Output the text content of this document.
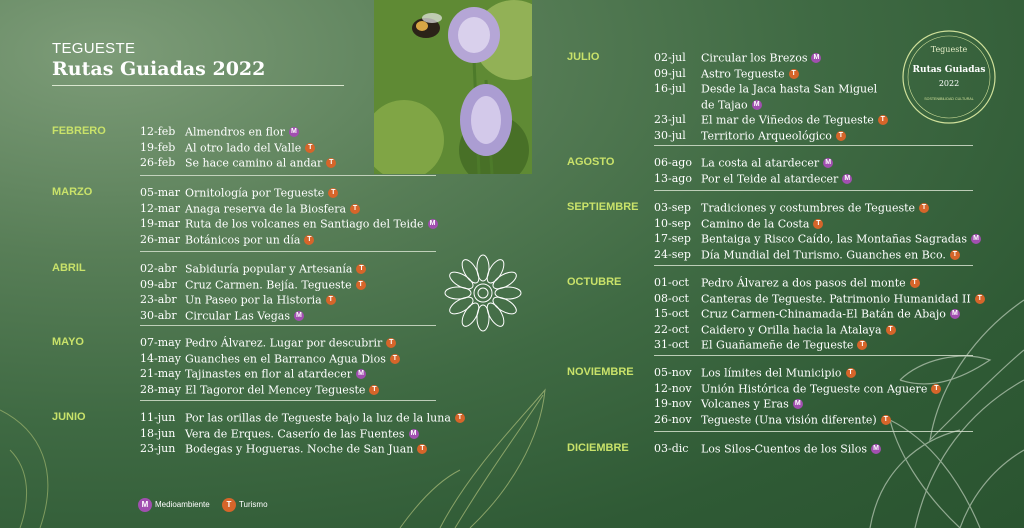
TEGUESTE
Rutas Guiadas 2022
Tegueste
Rutas Guiadas
2022
SOSTENIBILIDAD CULTURAL
FEBRERO	12-feb Almendros en flor M
19-feb Al otro lado del Valle T
26-feb Se hace camino al andar T
MARZO	05-mar Ornitología por Tegueste T
12-mar Anaga reserva de la Biosfera T
19-mar Ruta de los volcanes en Santiago del Teide M
26-mar Botánicos por un día T
ABRIL	02-abr Sabiduría popular y Artesanía T
09-abr Cruz Carmen. Bejía. Tegueste T
23-abr Un Paseo por la Historia T
30-abr Circular Las Vegas M
MAYO	07-may Pedro Álvarez. Lugar por descubrir T
14-may Guanches en el Barranco Agua Dios T
21-may Tajinastes en flor al atardecer M
28-may El Tagoror del Mencey Tegueste T
JUNIO	11-jun Por las orillas de Tegueste bajo la luz de la luna T
18-jun Vera de Erques. Caserío de las Fuentes M
23-jun Bodegas y Hogueras. Noche de San Juan T
JULIO	02-jul Circular los Brezos M
09-jul Astro Tegueste T
16-jul Desde la Jaca hasta San Miguel
de Tajao M
23-jul El mar de Viñedos de Tegueste T
30-jul Territorio Arqueológico T
AGOSTO	06-ago La costa al atardecer M
13-ago Por el Teide al atardecer M
SEPTIEMBRE 03-sep Tradiciones y costumbres de Tegueste T
10-sep Camino de la Costa T
17-sep Bentaiga y Risco Caído, las Montañas Sagradas M
24-sep Día Mundial del Turismo. Guanches en Bco. T
OCTUBRE	01-oct Pedro Álvarez a dos pasos del monte T
08-oct Canteras de Tegueste. Patrimonio Humanidad II T
15-oct Cruz Carmen-Chinamada-El Batán de Abajo M
22-oct Caidero y Orilla hacia la Atalaya T
31-oct El Guañameñe de Tegueste T
NOVIEMBRE 05-nov Los límites del Municipio T
12-nov Unión Histórica de Tegueste con Aguere T
19-nov Volcanes y Eras M
26-nov Tegueste (Una visión diferente) T
DICIEMBRE 03-dic Los Silos-Cuentos de los Silos M
M Medioambiente T Turismo
